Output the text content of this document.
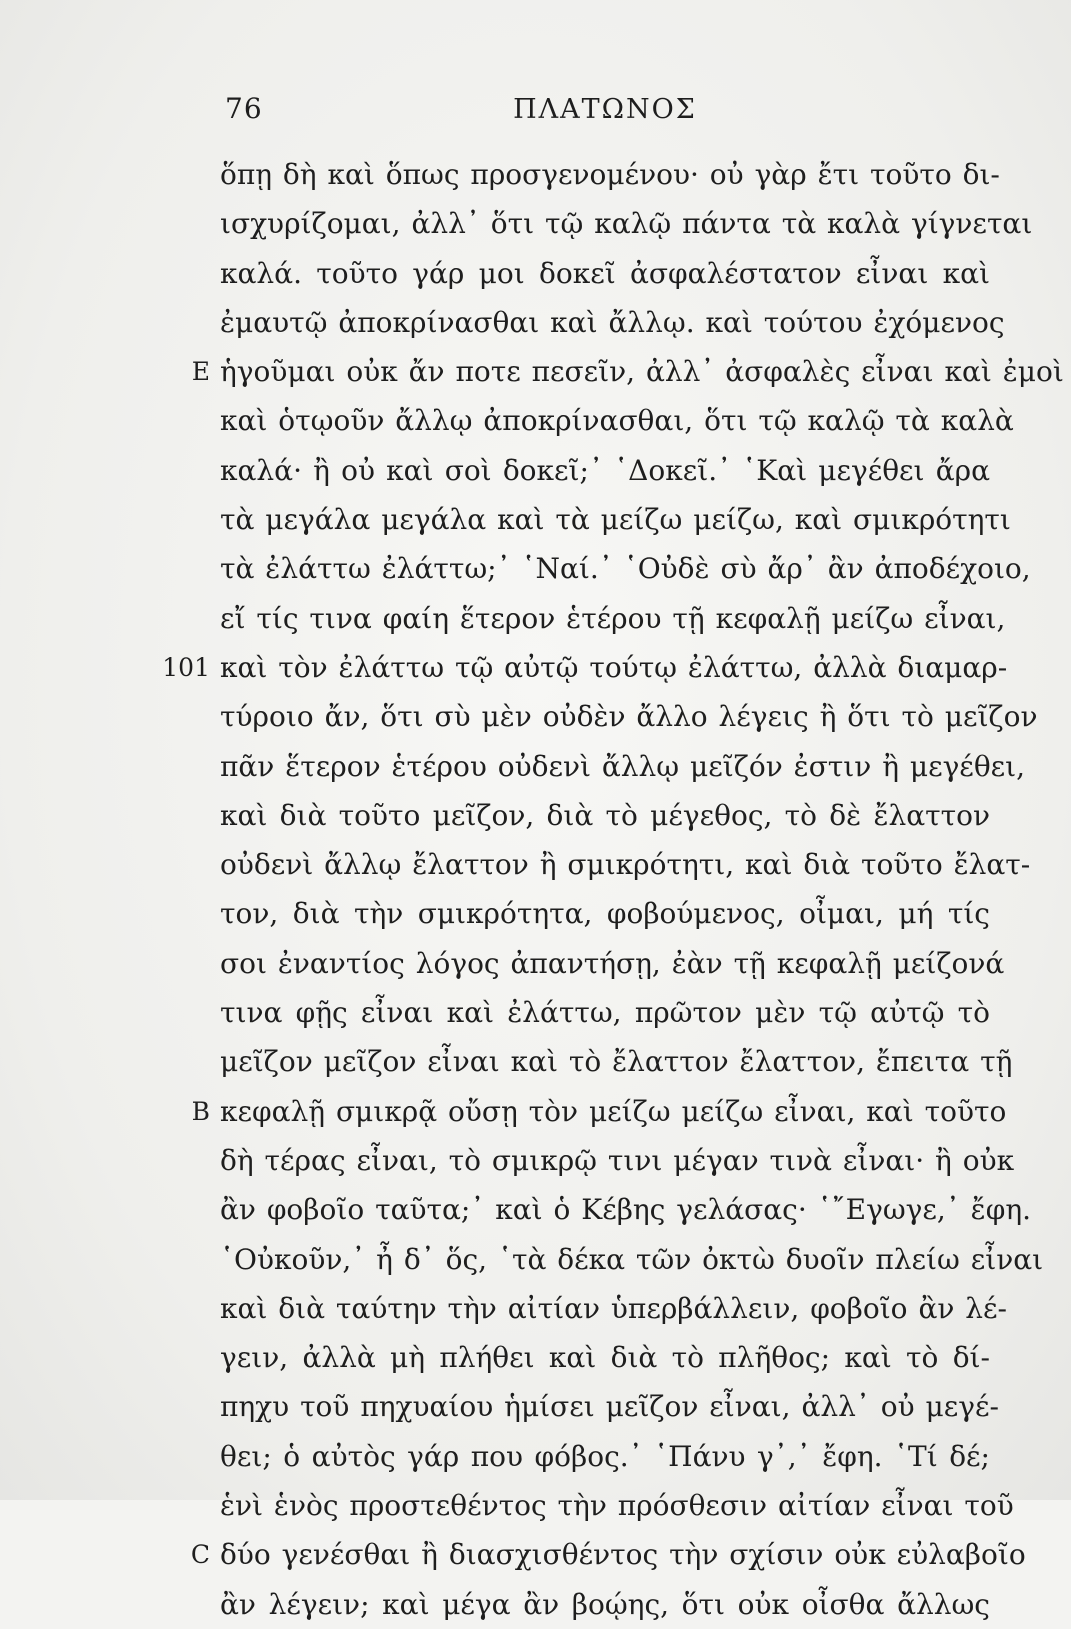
76	ΠΛΑΤΩΝΟΣ
ὅπῃ δὴ καὶ ὅπως προσγενομένου· οὐ γὰρ ἔτι τοῦτο δι-
ισχυρίζομαι, ἀλλ᾽ ὅτι τῷ καλῷ πάντα τὰ καλὰ γίγνεται
καλά. τοῦτο γάρ μοι δοκεῖ ἀσφαλέστατον εἶναι καὶ
ἐμαυτῷ ἀποκρίνασθαι καὶ ἄλλῳ. καὶ τούτου ἐχόμενος
E ἡγοῦμαι οὐκ ἄν ποτε πεσεῖν, ἀλλ᾽ ἀσφαλὲς εἶναι καὶ ἐμοὶ
καὶ ὁτῳοῦν ἄλλῳ ἀποκρίνασθαι, ὅτι τῷ καλῷ τὰ καλὰ
καλά· ἢ οὐ καὶ σοὶ δοκεῖ;᾽ ῾Δοκεῖ.᾽ ῾Καὶ μεγέθει ἄρα
τὰ μεγάλα μεγάλα καὶ τὰ μείζω μείζω, καὶ σμικρότητι
τὰ ἐλάττω ἐλάττω;᾽ ῾Ναί.᾽ ῾Οὐδὲ σὺ ἄρ᾽ ἂν ἀποδέχοιο,
εἴ τίς τινα φαίη ἕτερον ἑτέρου τῇ κεφαλῇ μείζω εἶναι,
101 καὶ τὸν ἐλάττω τῷ αὐτῷ τούτῳ ἐλάττω, ἀλλὰ διαμαρ-
τύροιο ἄν, ὅτι σὺ μὲν οὐδὲν ἄλλο λέγεις ἢ ὅτι τὸ μεῖζον
πᾶν ἕτερον ἑτέρου οὐδενὶ ἄλλῳ μεῖζόν ἐστιν ἢ μεγέθει,
καὶ διὰ τοῦτο μεῖζον, διὰ τὸ μέγεθος, τὸ δὲ ἔλαττον
οὐδενὶ ἄλλῳ ἔλαττον ἢ σμικρότητι, καὶ διὰ τοῦτο ἔλατ-
τον, διὰ τὴν σμικρότητα, φοβούμενος, οἶμαι, μή τίς
σοι ἐναντίος λόγος ἀπαντήσῃ, ἐὰν τῇ κεφαλῇ μείζονά
τινα φῇς εἶναι καὶ ἐλάττω, πρῶτον μὲν τῷ αὐτῷ τὸ
μεῖζον μεῖζον εἶναι καὶ τὸ ἔλαττον ἔλαττον, ἔπειτα τῇ
B κεφαλῇ σμικρᾷ οὔσῃ τὸν μείζω μείζω εἶναι, καὶ τοῦτο
δὴ τέρας εἶναι, τὸ σμικρῷ τινι μέγαν τινὰ εἶναι· ἢ οὐκ
ἂν φοβοῖο ταῦτα;᾽ καὶ ὁ Κέβης γελάσας· ῾῎Εγωγε,᾽ ἔφη.
῾Οὐκοῦν,᾽ ἦ δ᾽ ὅς, ῾τὰ δέκα τῶν ὀκτὼ δυοῖν πλείω εἶναι
καὶ διὰ ταύτην τὴν αἰτίαν ὑπερβάλλειν, φοβοῖο ἂν λέ-
γειν, ἀλλὰ μὴ πλήθει καὶ διὰ τὸ πλῆθος; καὶ τὸ δί-
πηχυ τοῦ πηχυαίου ἡμίσει μεῖζον εἶναι, ἀλλ᾽ οὐ μεγέ-
θει; ὁ αὐτὸς γάρ που φόβος.᾽ ῾Πάνυ γ᾽,᾽ ἔφη. ῾Τί δέ;
ἑνὶ ἑνὸς προστεθέντος τὴν πρόσθεσιν αἰτίαν εἶναι τοῦ
C δύο γενέσθαι ἢ διασχισθέντος τὴν σχίσιν οὐκ εὐλαβοῖο
ἂν λέγειν; καὶ μέγα ἂν βοῴης, ὅτι οὐκ οἶσθα ἄλλως
